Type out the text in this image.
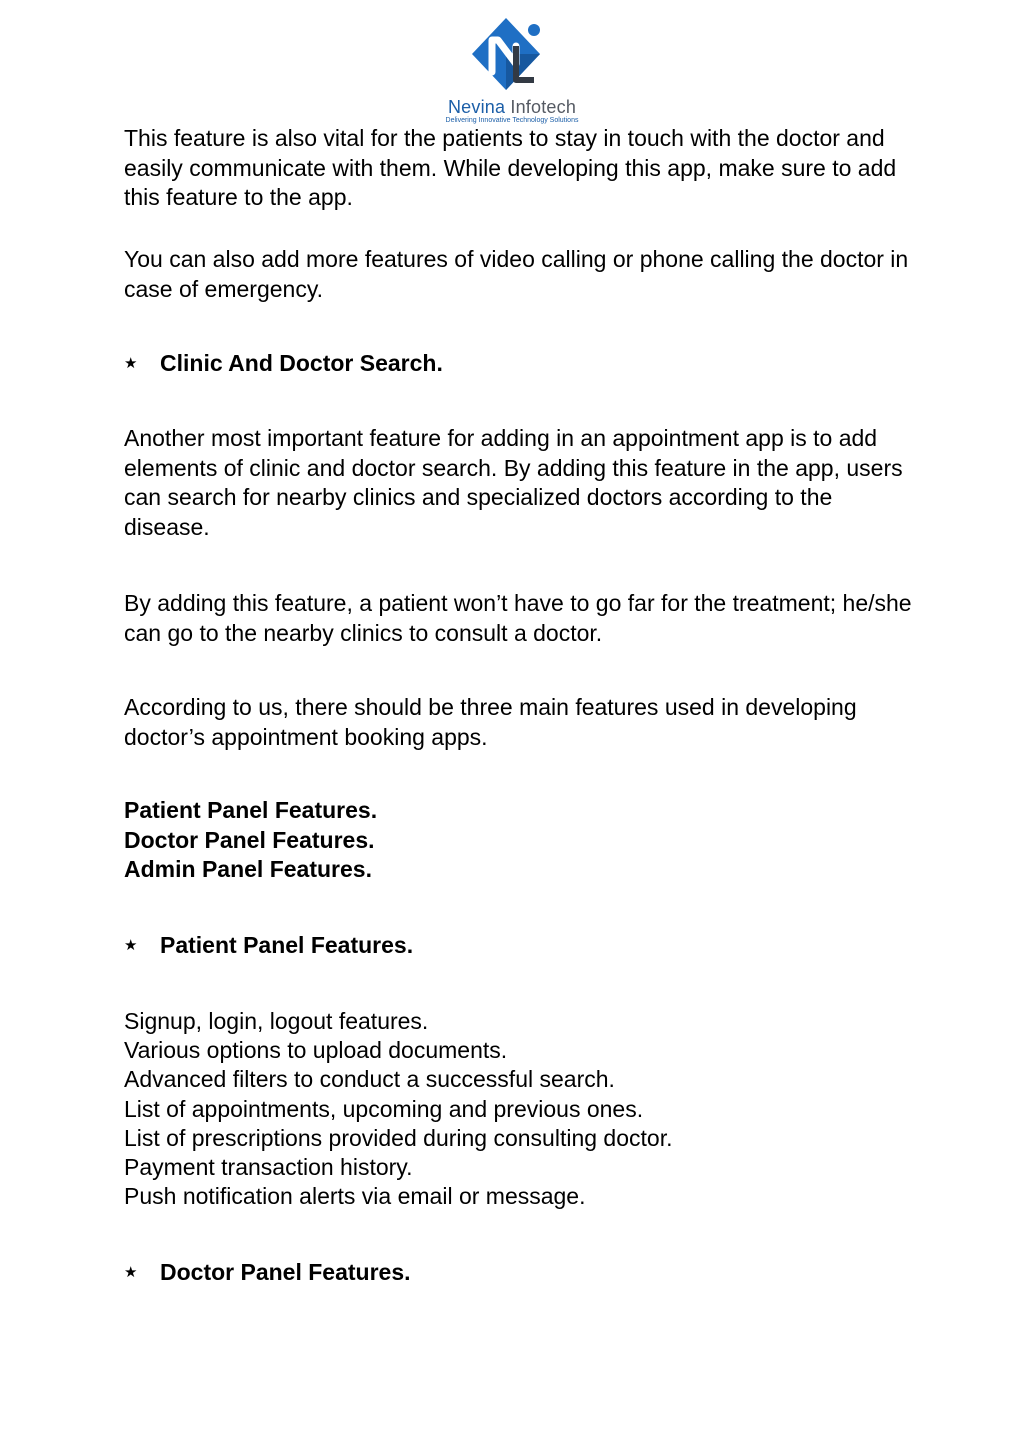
Nevina Infotech
Delivering Innovative Technology Solutions

This feature is also vital for the patients to stay in touch with the doctor and easily communicate with them. While developing this app, make sure to add this feature to the app.

You can also add more features of video calling or phone calling the doctor in case of emergency.

★ Clinic And Doctor Search.

Another most important feature for adding in an appointment app is to add elements of clinic and doctor search. By adding this feature in the app, users can search for nearby clinics and specialized doctors according to the disease.

By adding this feature, a patient won’t have to go far for the treatment; he/she can go to the nearby clinics to consult a doctor.

According to us, there should be three main features used in developing doctor’s appointment booking apps.

Patient Panel Features.
Doctor Panel Features.
Admin Panel Features.
★ Patient Panel Features.
Signup, login, logout features.
Various options to upload documents.
Advanced filters to conduct a successful search.
List of appointments, upcoming and previous ones.
List of prescriptions provided during consulting doctor.
Payment transaction history.
Push notification alerts via email or message.
★ Doctor Panel Features.
